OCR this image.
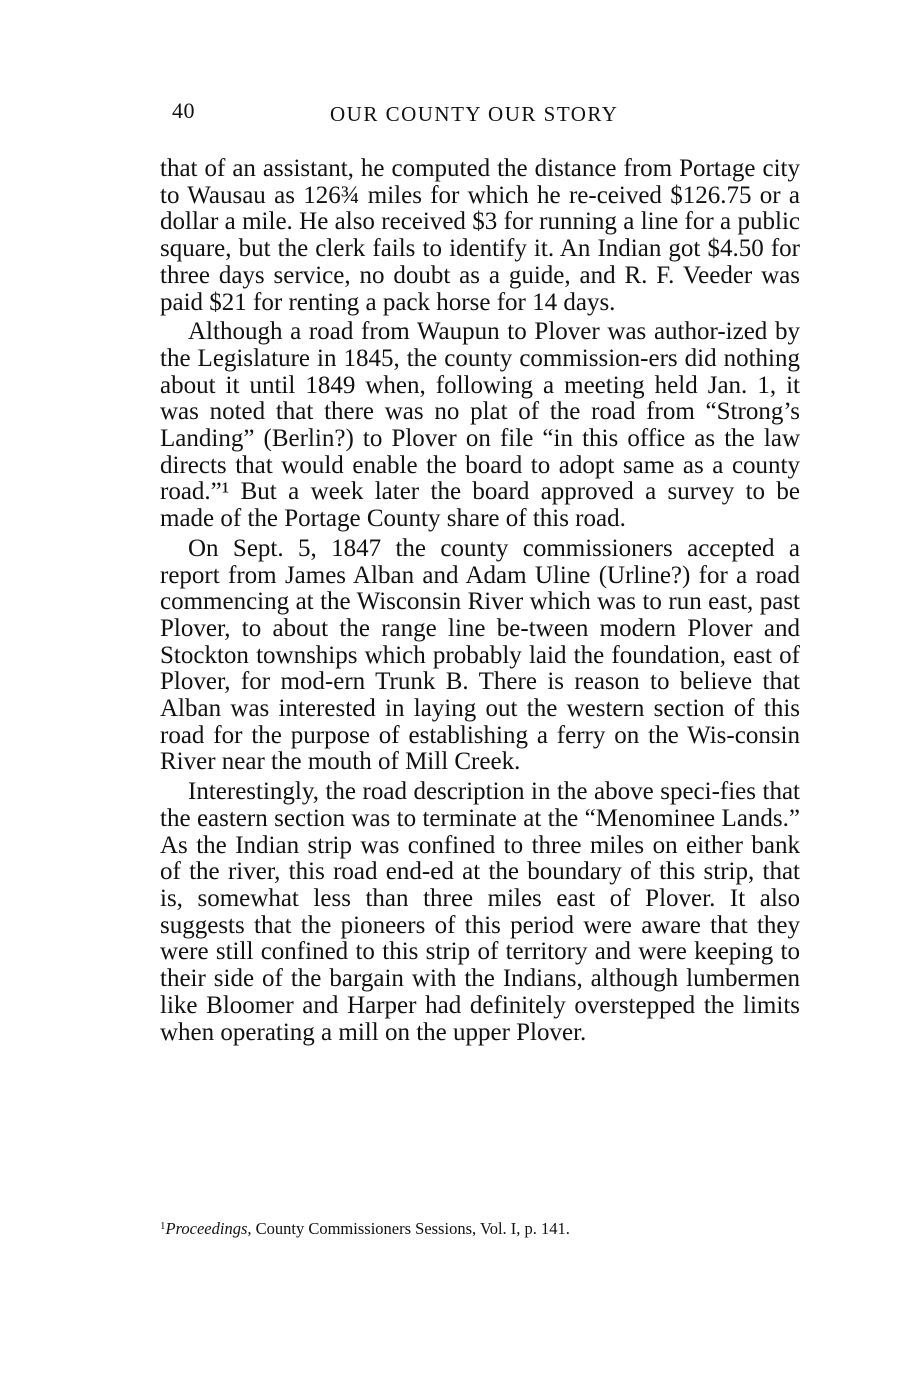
40	OUR COUNTY OUR STORY

that of an assistant, he computed the distance from Portage city to Wausau as 126¾ miles for which he re-ceived $126.75 or a dollar a mile. He also received $3 for running a line for a public square, but the clerk fails to identify it. An Indian got $4.50 for three days service, no doubt as a guide, and R. F. Veeder was paid $21 for renting a pack horse for 14 days.

Although a road from Waupun to Plover was author-ized by the Legislature in 1845, the county commission-ers did nothing about it until 1849 when, following a meeting held Jan. 1, it was noted that there was no plat of the road from “Strong’s Landing” (Berlin?) to Plover on file “in this office as the law directs that would enable the board to adopt same as a county road.”¹ But a week later the board approved a survey to be made of the Portage County share of this road.

On Sept. 5, 1847 the county commissioners accepted a report from James Alban and Adam Uline (Urline?) for a road commencing at the Wisconsin River which was to run east, past Plover, to about the range line be-tween modern Plover and Stockton townships which probably laid the foundation, east of Plover, for mod-ern Trunk B. There is reason to believe that Alban was interested in laying out the western section of this road for the purpose of establishing a ferry on the Wis-consin River near the mouth of Mill Creek.

Interestingly, the road description in the above speci-fies that the eastern section was to terminate at the “Menominee Lands.” As the Indian strip was confined to three miles on either bank of the river, this road end-ed at the boundary of this strip, that is, somewhat less than three miles east of Plover. It also suggests that the pioneers of this period were aware that they were still confined to this strip of territory and were keeping to their side of the bargain with the Indians, although lumbermen like Bloomer and Harper had definitely overstepped the limits when operating a mill on the upper Plover.

$^1$Proceedings, County Commissioners Sessions, Vol. I, p. 141.
